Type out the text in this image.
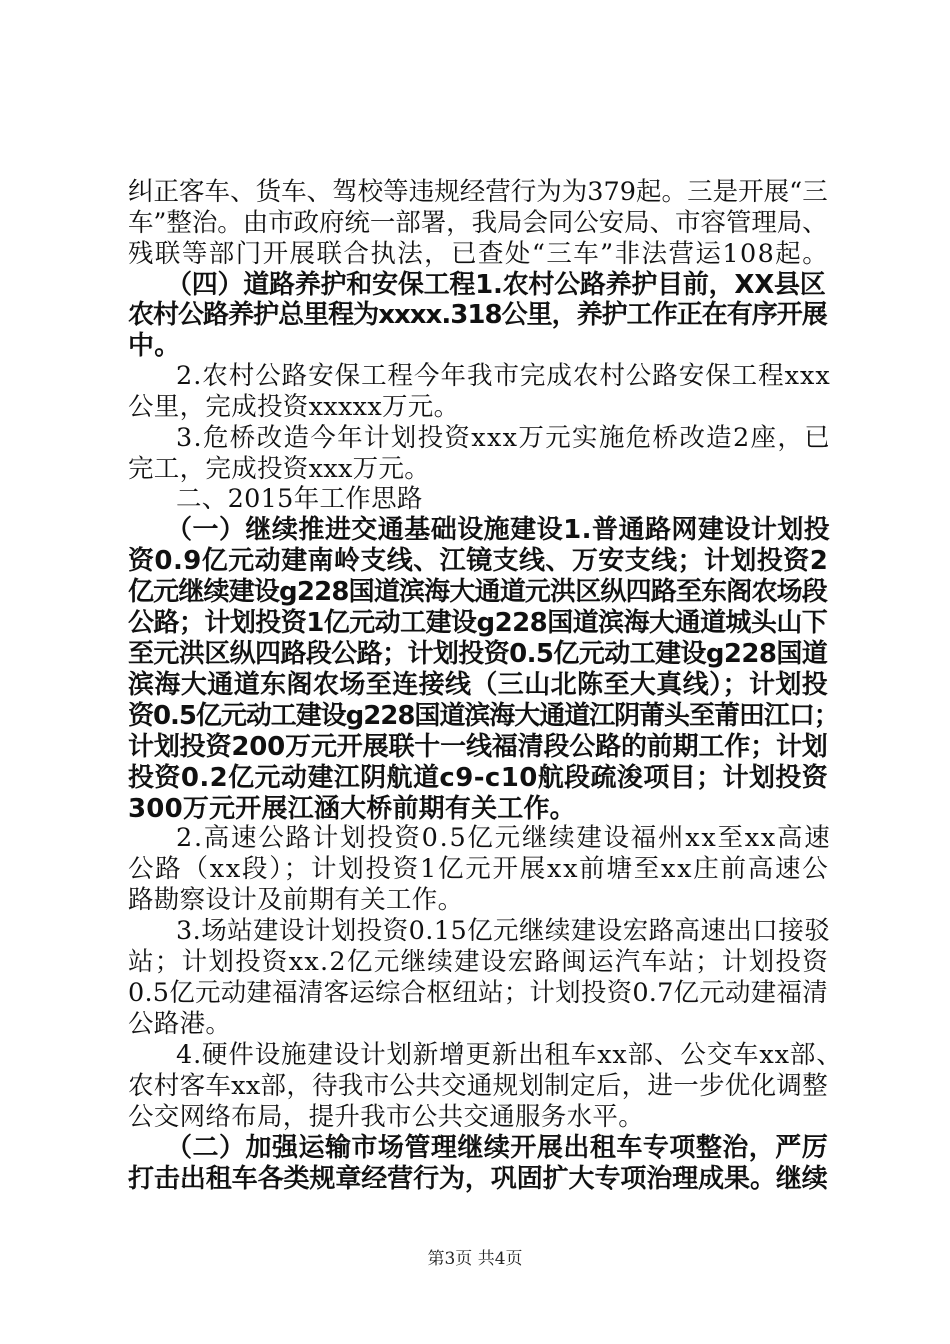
纠正客车、货车、驾校等违规经营行为为379起。三是开展“三
车”整治。由市政府统一部署，我局会同公安局、市容管理局、
残联等部门开展联合执法，已查处“三车”非法营运108起。
（四）道路养护和安保工程1.农村公路养护目前，XX县区
农村公路养护总里程为xxxx.318公里，养护工作正在有序开展
中。
2.农村公路安保工程今年我市完成农村公路安保工程xxx
公里，完成投资xxxxx万元。
3.危桥改造今年计划投资xxx万元实施危桥改造2座，已
完工，完成投资xxx万元。
二、2015年工作思路
（一）继续推进交通基础设施建设1.普通路网建设计划投
资0.9亿元动建南岭支线、江镜支线、万安支线；计划投资2
亿元继续建设g228国道滨海大通道元洪区纵四路至东阁农场段
公路；计划投资1亿元动工建设g228国道滨海大通道城头山下
至元洪区纵四路段公路；计划投资0.5亿元动工建设g228国道
滨海大通道东阁农场至连接线（三山北陈至大真线）；计划投
资0.5亿元动工建设g228国道滨海大通道江阴莆头至莆田江口；
计划投资200万元开展联十一线福清段公路的前期工作；计划
投资0.2亿元动建江阴航道c9-c10航段疏浚项目；计划投资
300万元开展江涵大桥前期有关工作。
2.高速公路计划投资0.5亿元继续建设福州xx至xx高速
公路（xx段）；计划投资1亿元开展xx前塘至xx庄前高速公
路勘察设计及前期有关工作。
3.场站建设计划投资0.15亿元继续建设宏路高速出口接驳
站；计划投资xx.2亿元继续建设宏路闽运汽车站；计划投资
0.5亿元动建福清客运综合枢纽站；计划投资0.7亿元动建福清
公路港。
4.硬件设施建设计划新增更新出租车xx部、公交车xx部、
农村客车xx部，待我市公共交通规划制定后，进一步优化调整
公交网络布局，提升我市公共交通服务水平。
（二）加强运输市场管理继续开展出租车专项整治，严厉
打击出租车各类规章经营行为，巩固扩大专项治理成果。继续
第3页 共4页
